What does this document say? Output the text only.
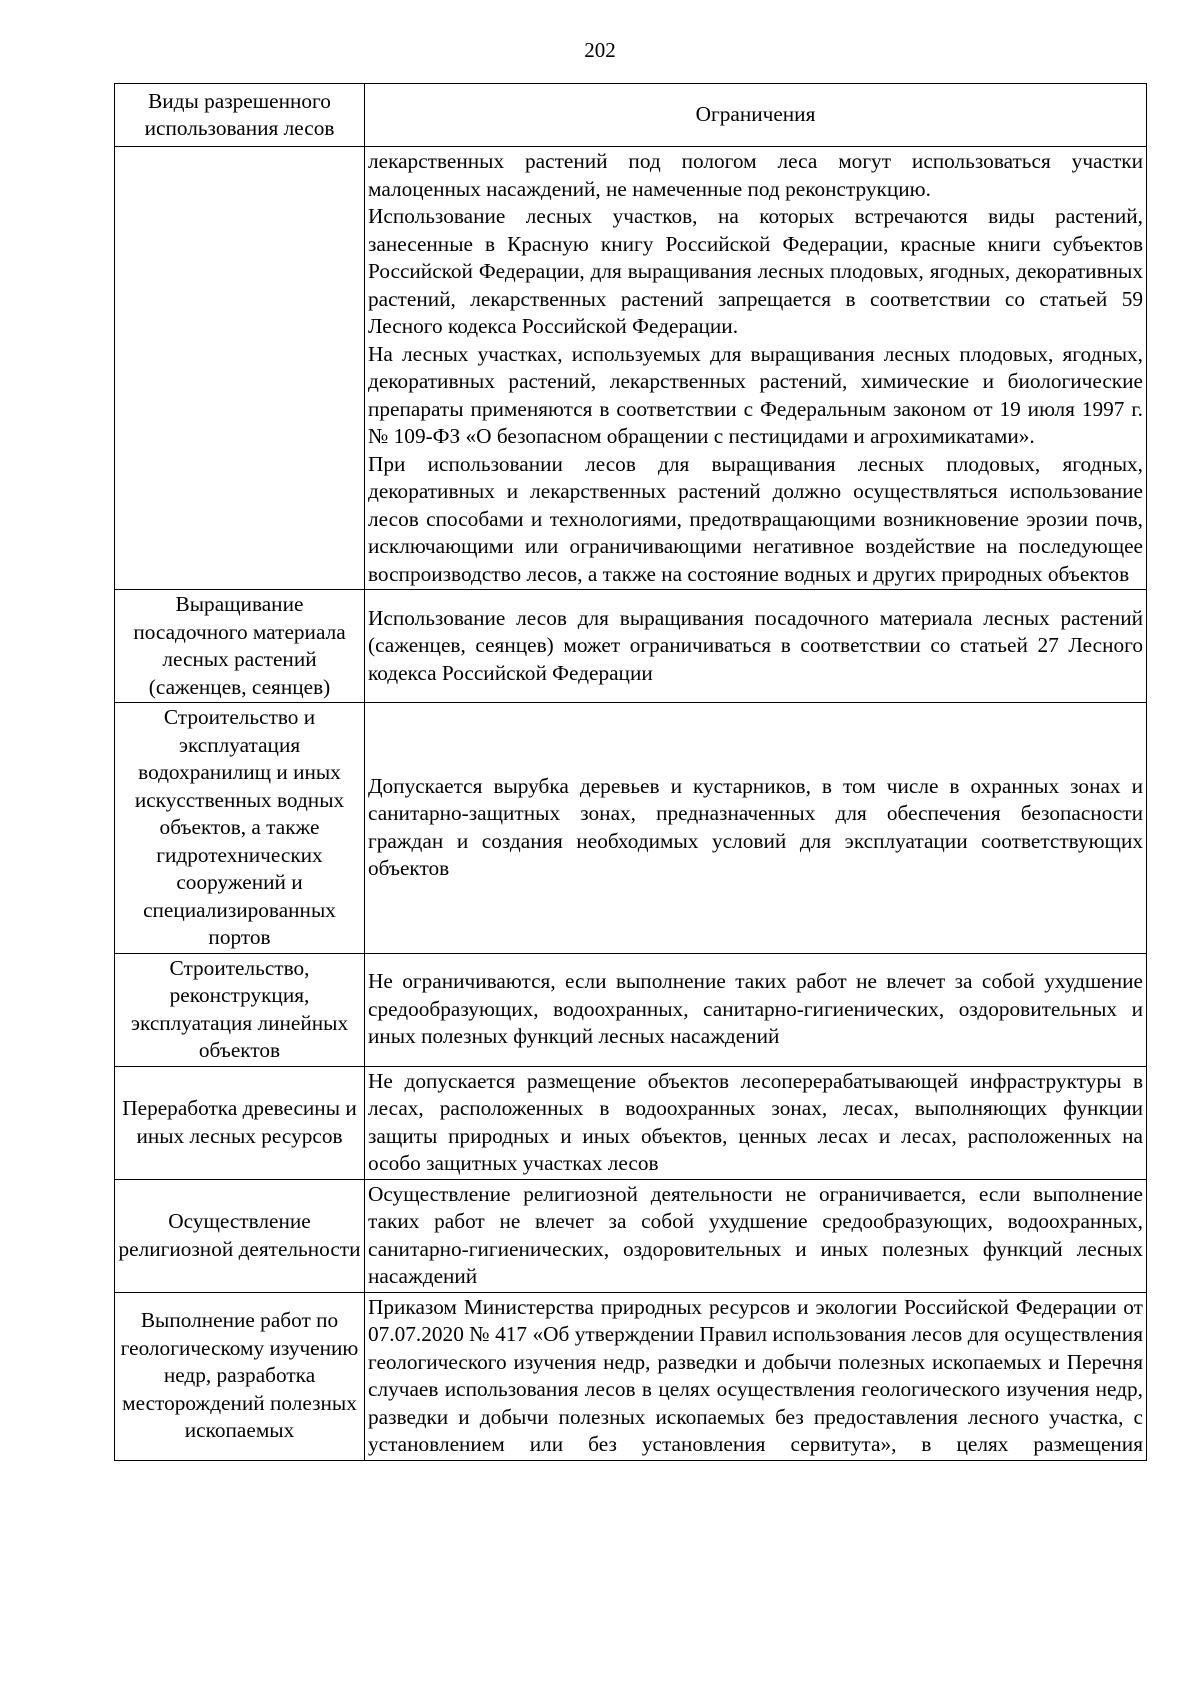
202
Виды разрешенного использования лесов	Ограничения

	лекарственных растений под пологом леса могут использоваться участки малоценных насаждений, не намеченные под реконструкцию.
Использование лесных участков, на которых встречаются виды растений, занесенные в Красную книгу Российской Федерации, красные книги субъектов Российской Федерации, для выращивания лесных плодовых, ягодных, декоративных растений, лекарственных растений запрещается в соответствии со статьей 59 Лесного кодекса Российской Федерации.
На лесных участках, используемых для выращивания лесных плодовых, ягодных, декоративных растений, лекарственных растений, химические и биологические препараты применяются в соответствии с Федеральным законом от 19 июля 1997 г. № 109-ФЗ «О безопасном обращении с пестицидами и агрохимикатами».
При использовании лесов для выращивания лесных плодовых, ягодных, декоративных и лекарственных растений должно осуществляться использование лесов способами и технологиями, предотвращающими возникновение эрозии почв, исключающими или ограничивающими негативное воздействие на последующее воспроизводство лесов, а также на состояние водных и других природных объектов

Выращивание посадочного материала лесных растений (саженцев, сеянцев)	Использование лесов для выращивания посадочного материала лесных растений (саженцев, сеянцев) может ограничиваться в соответствии со статьей 27 Лесного кодекса Российской Федерации

Строительство и эксплуатация водохранилищ и иных искусственных водных объектов, а также гидротехнических сооружений и специализированных портов	Допускается вырубка деревьев и кустарников, в том числе в охранных зонах и санитарно-защитных зонах, предназначенных для обеспечения безопасности граждан и создания необходимых условий для эксплуатации соответствующих объектов

Строительство, реконструкция, эксплуатация линейных объектов	Не ограничиваются, если выполнение таких работ не влечет за собой ухудшение средообразующих, водоохранных, санитарно-гигиенических, оздоровительных и иных полезных функций лесных насаждений

Переработка древесины и иных лесных ресурсов	Не допускается размещение объектов лесоперерабатывающей инфраструктуры в лесах, расположенных в водоохранных зонах, лесах, выполняющих функции защиты природных и иных объектов, ценных лесах и лесах, расположенных на особо защитных участках лесов

Осуществление религиозной деятельности	Осуществление религиозной деятельности не ограничивается, если выполнение таких работ не влечет за собой ухудшение средообразующих, водоохранных, санитарно-гигиенических, оздоровительных и иных полезных функций лесных насаждений

Выполнение работ по геологическому изучению недр, разработка месторождений полезных ископаемых	Приказом Министерства природных ресурсов и экологии Российской Федерации от 07.07.2020 № 417 «Об утверждении Правил использования лесов для осуществления геологического изучения недр, разведки и добычи полезных ископаемых и Перечня случаев использования лесов в целях осуществления геологического изучения недр, разведки и добычи полезных ископаемых без предоставления лесного участка, с установлением или без установления сервитута», в целях размещения
